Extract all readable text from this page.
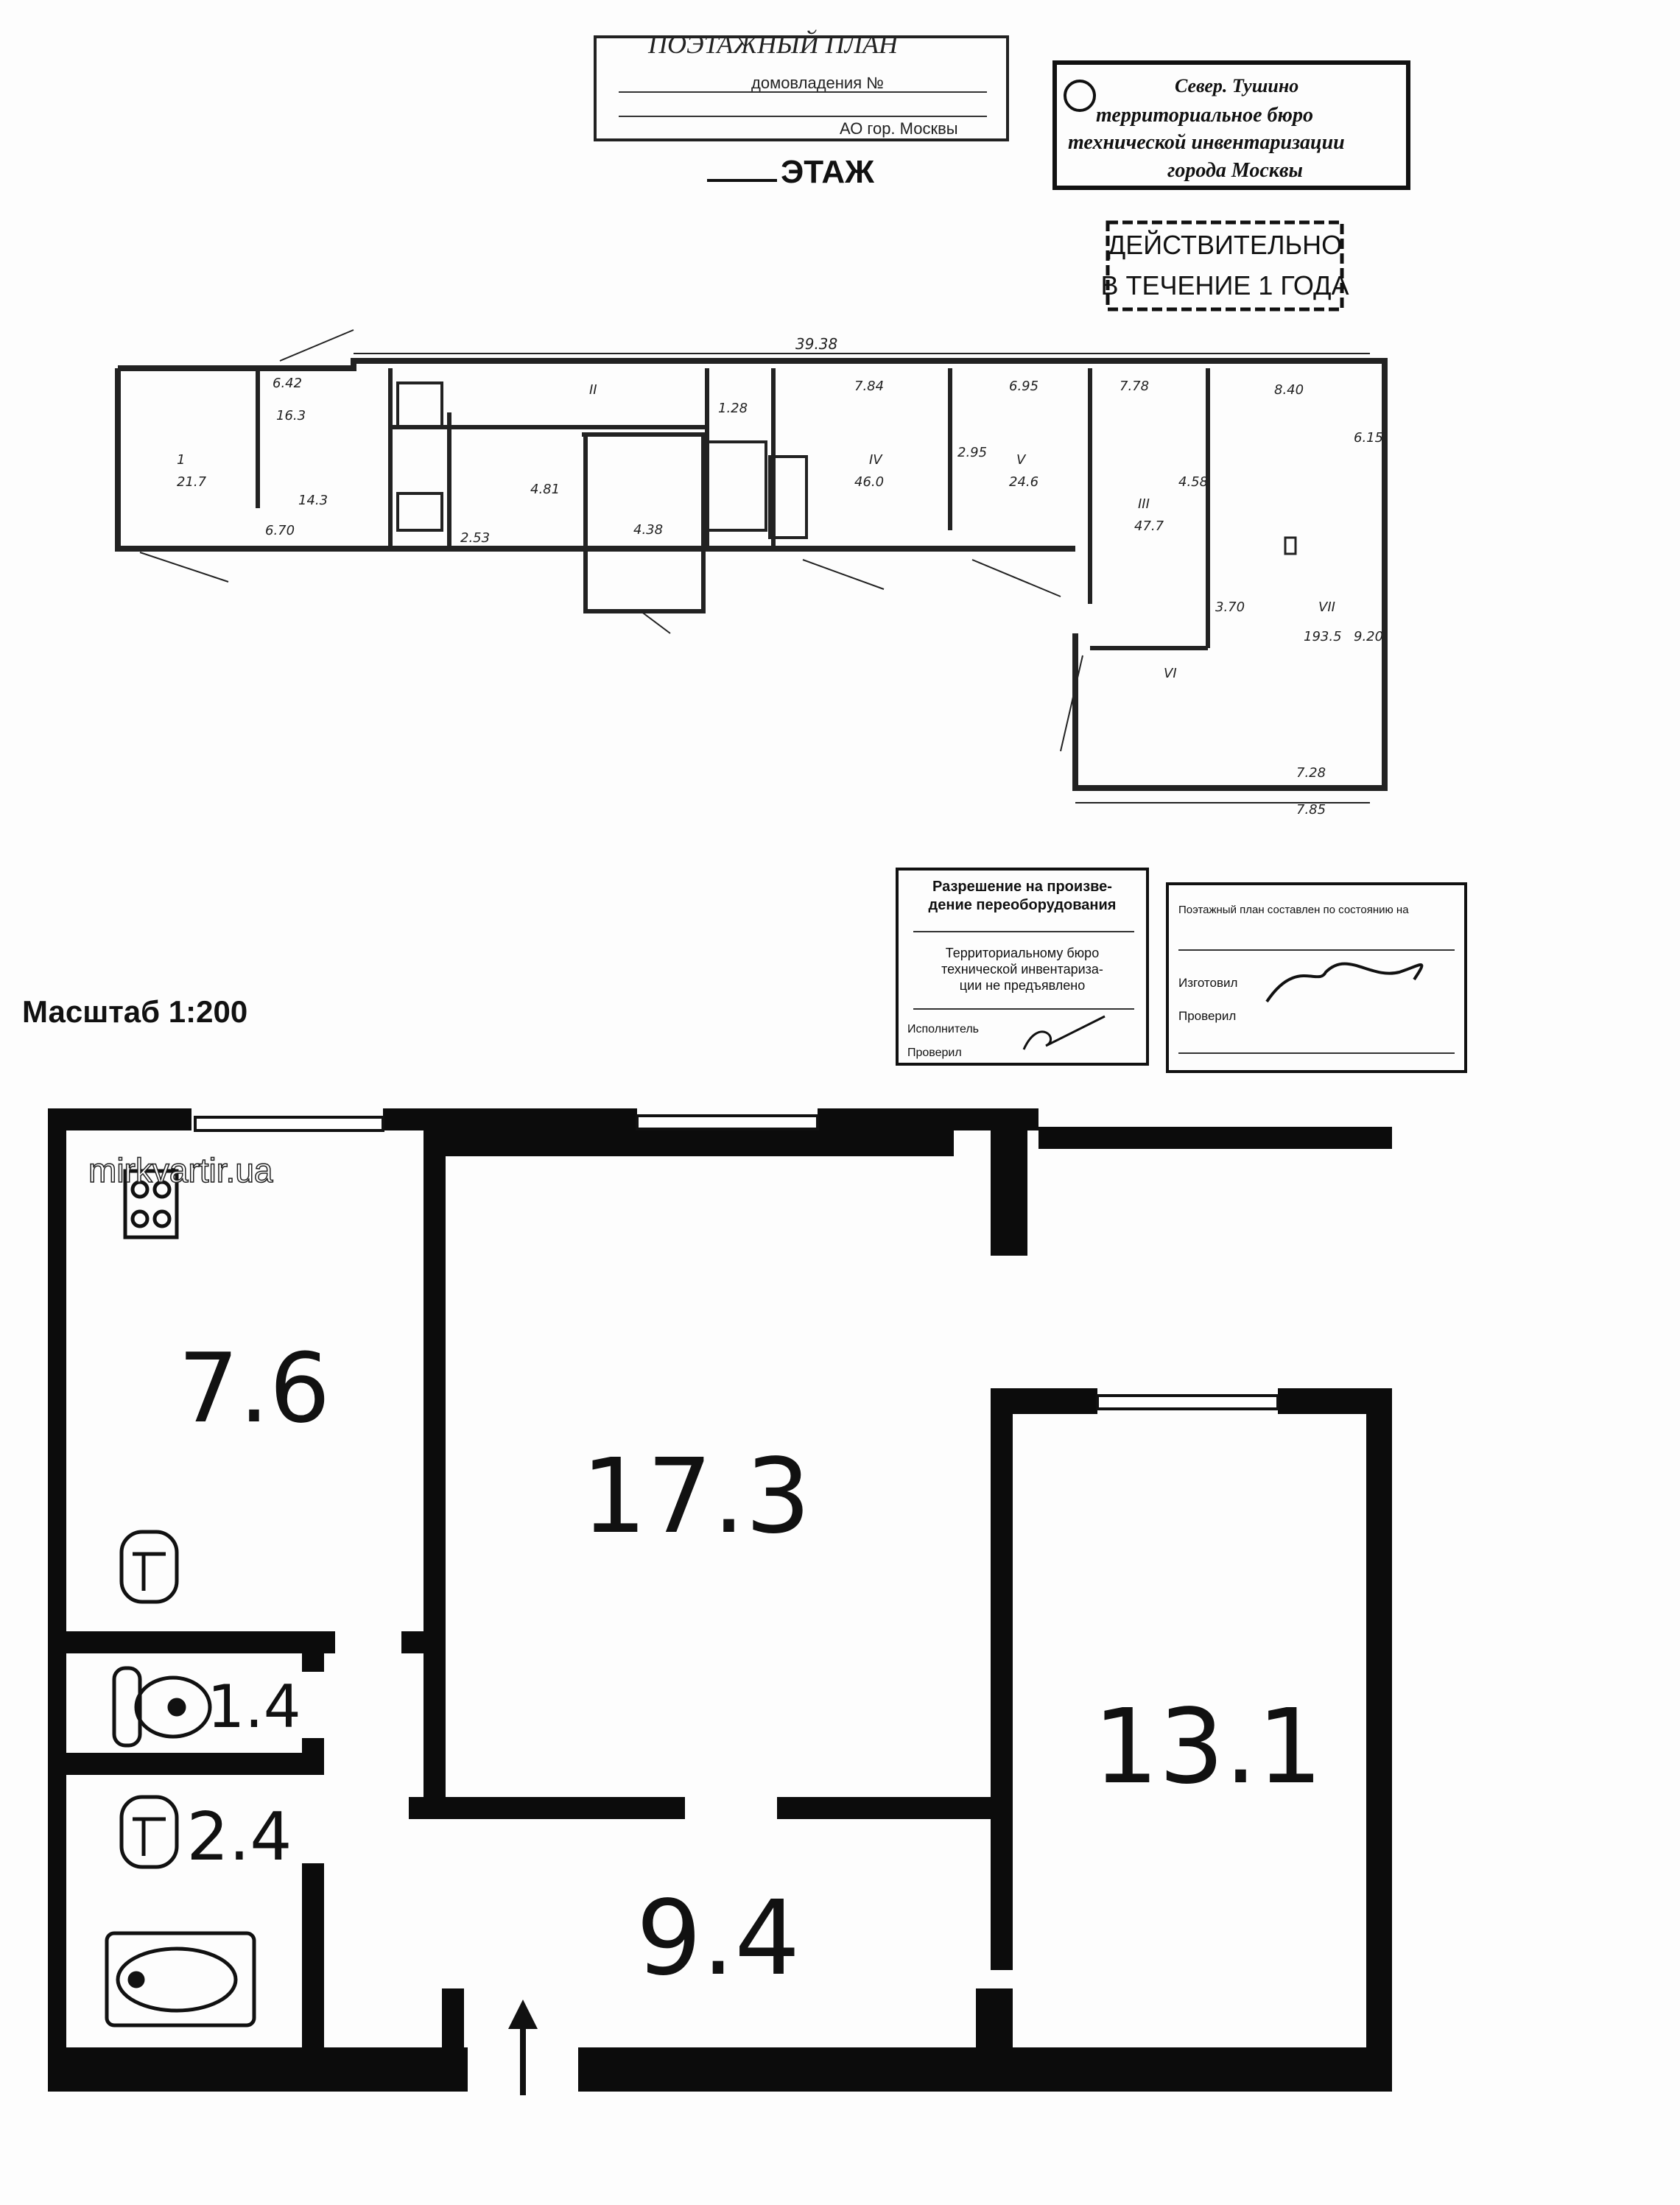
ПОЭТАЖНЫЙ ПЛАН
домовладения №
АО гор. Москвы
ЭТАЖ
Север. Тушино
территориальное бюро
технической инвентаризации
города Москвы
ДЕЙСТВИТЕЛЬНО
В ТЕЧЕНИЕ 1 ГОДА
39.38
1
II
III
IV	V
VI
VII
8.40
7.78
6.95
7.84
2.95
7.28
7.85
3.70
9.20
6.15
4.58
6.42
6.70	2.53
1.28
16.3
14.3
4.81	46.0
47.7
193.5
4.38
24.6
21.7
Разрешение на произве-
дение переоборудования
Территориальному бюро
технической инвентариза-
ции не предъявлено
Исполнитель
Проверил
Поэтажный план составлен по состоянию на
Изготовил
Проверил
Масштаб 1:200
7.6
17.3
13.1
9.4
1.4
2.4
mirkvartir.ua
